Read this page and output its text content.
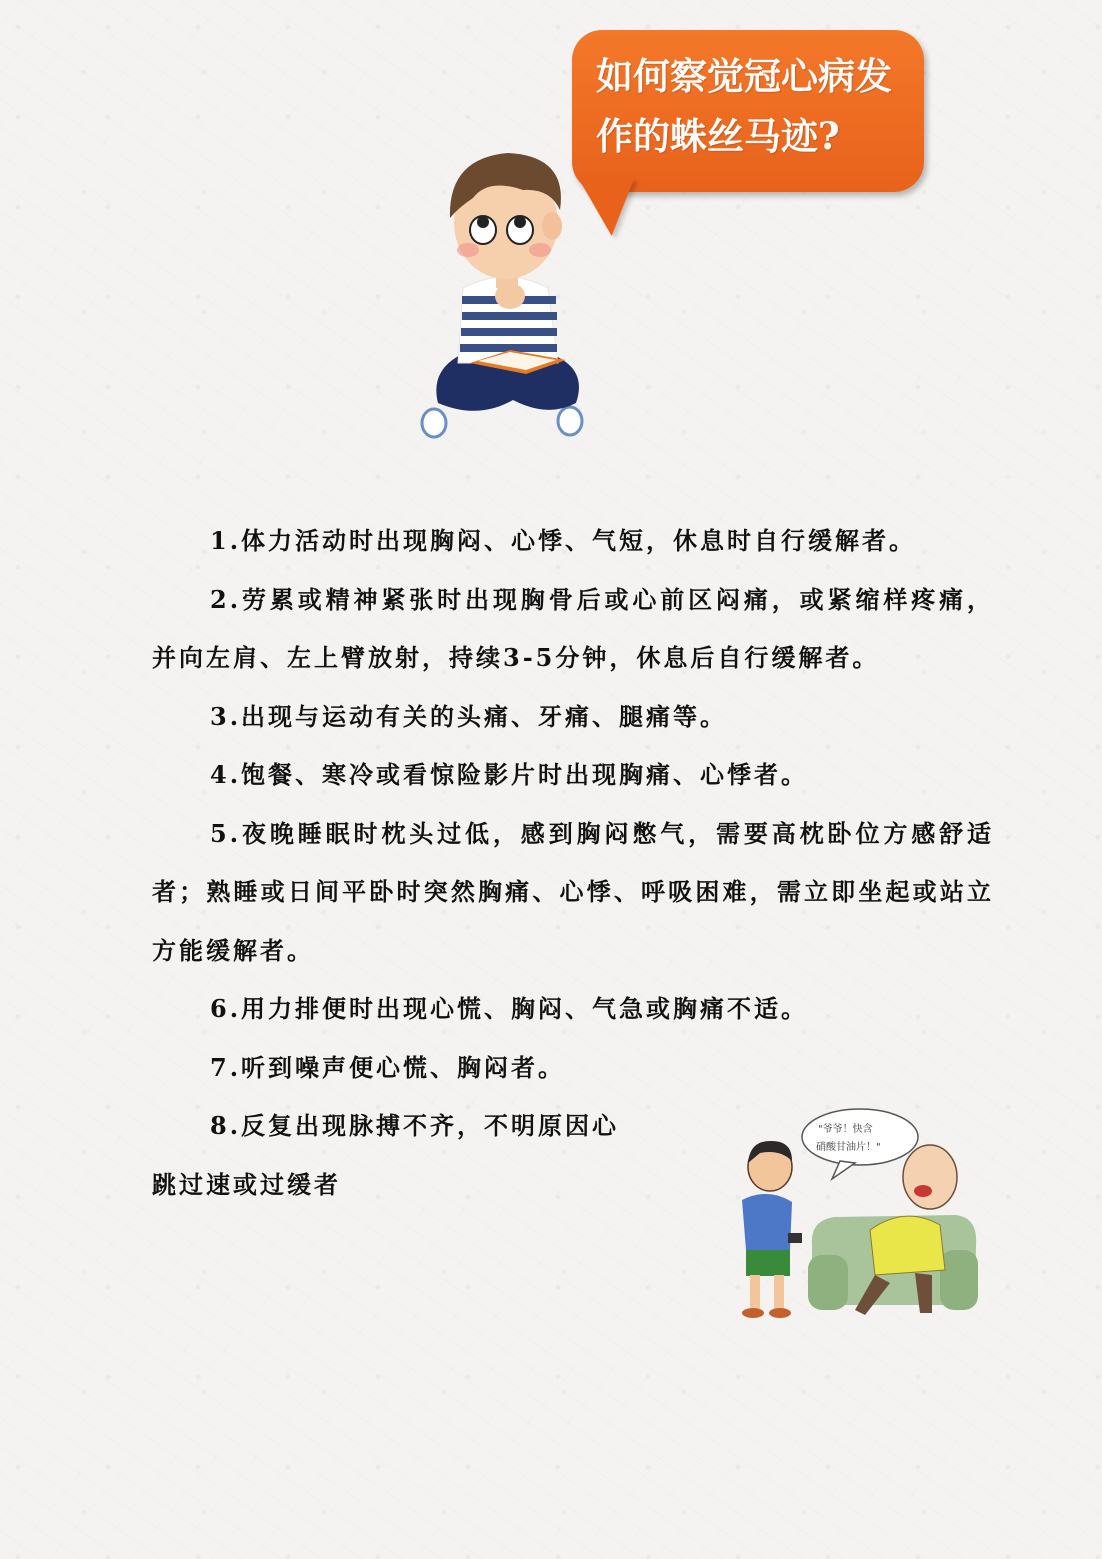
如何察觉冠心病发作的蛛丝马迹?

1.体力活动时出现胸闷、心悸、气短，休息时自行缓解者。

2.劳累或精神紧张时出现胸骨后或心前区闷痛，或紧缩样疼痛，并向左肩、左上臂放射，持续3-5分钟，休息后自行缓解者。

3.出现与运动有关的头痛、牙痛、腿痛等。

4.饱餐、寒冷或看惊险影片时出现胸痛、心悸者。

5.夜晚睡眠时枕头过低，感到胸闷憋气，需要高枕卧位方感舒适者；熟睡或日间平卧时突然胸痛、心悸、呼吸困难，需立即坐起或站立方能缓解者。

6.用力排便时出现心慌、胸闷、气急或胸痛不适。

7.听到噪声便心慌、胸闷者。

8.反复出现脉搏不齐，不明原因心
跳过速或过缓者

"爷爷！快含
硝酸甘油片！"
